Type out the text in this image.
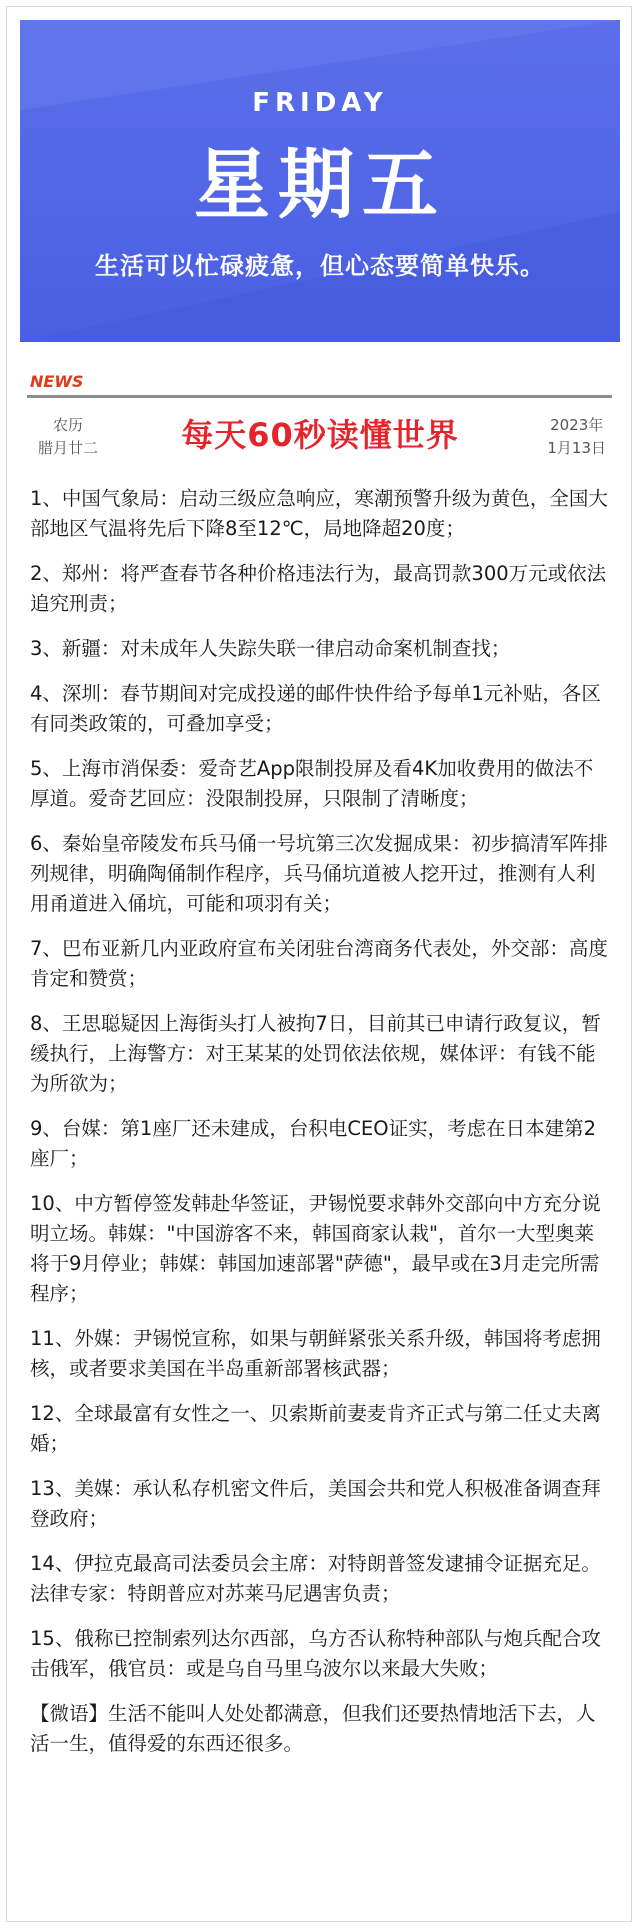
FRIDAY
星期五
生活可以忙碌疲惫，但心态要简单快乐。
NEWS
农历
腊月廿二	每天60秒读懂世界	2023年
1月13日

1、中国气象局：启动三级应急响应，寒潮预警升级为黄色，全国大部地区气温将先后下降8至12℃，局地降超20度；

2、郑州：将严查春节各种价格违法行为，最高罚款300万元或依法追究刑责；

3、新疆：对未成年人失踪失联一律启动命案机制查找；

4、深圳：春节期间对完成投递的邮件快件给予每单1元补贴，各区有同类政策的，可叠加享受；

5、上海市消保委：爱奇艺App限制投屏及看4K加收费用的做法不厚道。爱奇艺回应：没限制投屏，只限制了清晰度；

6、秦始皇帝陵发布兵马俑一号坑第三次发掘成果：初步搞清军阵排列规律，明确陶俑制作程序，兵马俑坑道被人挖开过，推测有人利用甬道进入俑坑，可能和项羽有关；

7、巴布亚新几内亚政府宣布关闭驻台湾商务代表处，外交部：高度肯定和赞赏；

8、王思聪疑因上海街头打人被拘7日，目前其已申请行政复议，暂缓执行，上海警方：对王某某的处罚依法依规，媒体评：有钱不能为所欲为；

9、台媒：第1座厂还未建成，台积电CEO证实，考虑在日本建第2座厂；

10、中方暂停签发韩赴华签证，尹锡悦要求韩外交部向中方充分说明立场。韩媒："中国游客不来，韩国商家认栽"，首尔一大型奥莱将于9月停业；韩媒：韩国加速部署"萨德"，最早或在3月走完所需程序；

11、外媒：尹锡悦宣称，如果与朝鲜紧张关系升级，韩国将考虑拥核，或者要求美国在半岛重新部署核武器；

12、全球最富有女性之一、贝索斯前妻麦肯齐正式与第二任丈夫离婚；

13、美媒：承认私存机密文件后，美国会共和党人积极准备调查拜登政府；

14、伊拉克最高司法委员会主席：对特朗普签发逮捕令证据充足。法律专家：特朗普应对苏莱马尼遇害负责；

15、俄称已控制索列达尔西部，乌方否认称特种部队与炮兵配合攻击俄军，俄官员：或是乌自马里乌波尔以来最大失败；

【微语】生活不能叫人处处都满意，但我们还要热情地活下去，人活一生，值得爱的东西还很多。
